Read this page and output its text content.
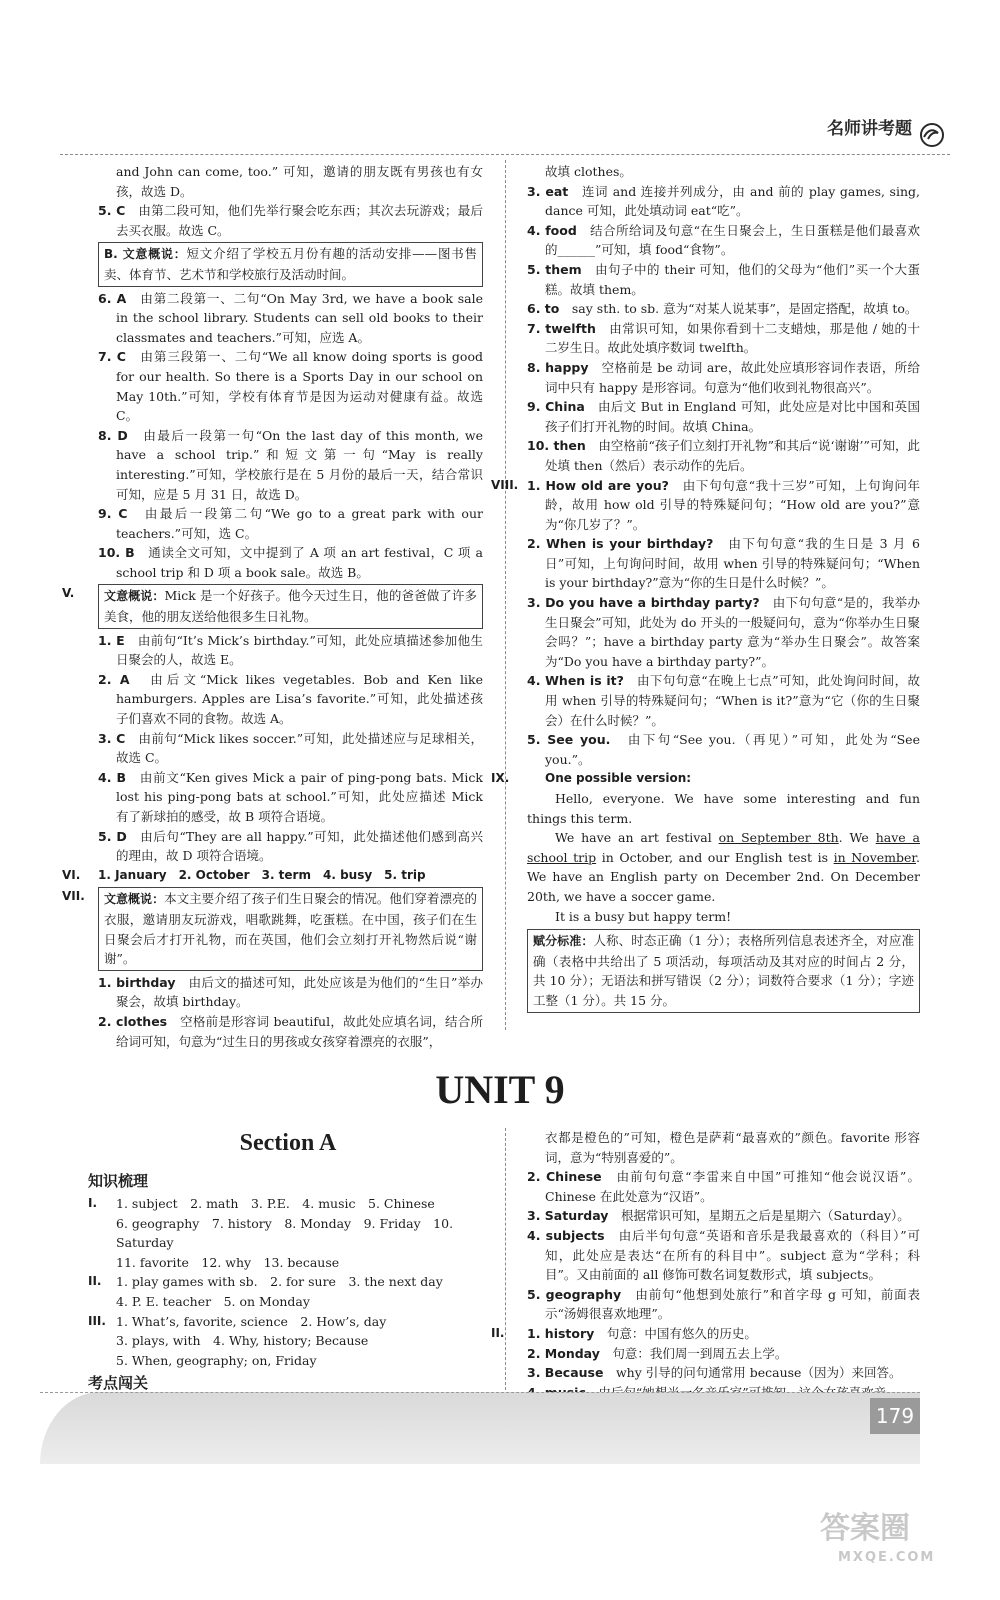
名师讲考题

and John can come, too.” 可知，邀请的朋友既有男孩也有女孩，故选 D。

5. C　 由第二段可知，他们先举行聚会吃东西；其次去玩游戏；最后去买衣服。故选 C。

B. 文意概说：短文介绍了学校五月份有趣的活动安排——图书售卖、体育节、艺术节和学校旅行及活动时间。

6. A　 由第二段第一、二句“On May 3rd, we have a book sale in the school library. Students can sell old books to their classmates and teachers.”可知，应选 A。

7. C　 由第三段第一、二句“We all know doing sports is good for our health. So there is a Sports Day in our school on May 10th.”可知，学校有体育节是因为运动对健康有益。故选 C。

8. D　 由最后一段第一句“On the last day of this month, we have a school trip.”和短文第一句“May is really interesting.”可知，学校旅行是在 5 月份的最后一天，结合常识可知，应是 5 月 31 日，故选 D。

9. C　 由最后一段第二句“We go to a great park with our teachers.”可知，选 C。

10. B　 通读全文可知，文中提到了 A 项 an art festival，C 项 a school trip 和 D 项 a book sale。故选 B。

V.	文意概说：Mick 是一个好孩子。他今天过生日，他的爸爸做了许多美食，他的朋友送给他很多生日礼物。

1. E　 由前句“It’s Mick’s birthday.”可知，此处应填描述参加他生日聚会的人，故选 E。

2. A　 由后文“Mick likes vegetables. Bob and Ken like hamburgers. Apples are Lisa’s favorite.”可知，此处描述孩子们喜欢不同的食物。故选 A。

3. C　 由前句“Mick likes soccer.”可知，此处描述应与足球相关，故选 C。

4. B　 由前文“Ken gives Mick a pair of ping-pong bats. Mick lost his ping-pong bats at school.”可知，此处应描述 Mick 有了新球拍的感受，故 B 项符合语境。

5. D　 由后句“They are all happy.”可知，此处描述他们感到高兴的理由，故 D 项符合语境。

VI. 1. January　2. October　3. term　4. busy　5. trip

VII.	文意概说：本文主要介绍了孩子们生日聚会的情况。他们穿着漂亮的衣服，邀请朋友玩游戏，唱歌跳舞，吃蛋糕。在中国，孩子们在生日聚会后才打开礼物，而在英国，他们会立刻打开礼物然后说“谢谢”。

1. birthday　 由后文的描述可知，此处应该是为他们的“生日”举办聚会，故填 birthday。

2. clothes　 空格前是形容词 beautiful，故此处应填名词，结合所给词可知，句意为“过生日的男孩或女孩穿着漂亮的衣服”，

故填 clothes。

3. eat　 连词 and 连接并列成分，由 and 前的 play games, sing, dance 可知，此处填动词 eat“吃”。

4. food　 结合所给词及句意“在生日聚会上，生日蛋糕是他们最喜欢的______”可知，填 food“食物”。

5. them　 由句子中的 their 可知，他们的父母为“他们”买一个大蛋糕。故填 them。

6. to　 say sth. to sb. 意为“对某人说某事”，是固定搭配，故填 to。

7. twelfth　 由常识可知，如果你看到十二支蜡烛，那是他 / 她的十二岁生日。故此处填序数词 twelfth。

8. happy　 空格前是 be 动词 are，故此处应填形容词作表语，所给词中只有 happy 是形容词。句意为“他们收到礼物很高兴”。

9. China　 由后文 But in England 可知，此处应是对比中国和英国孩子们打开礼物的时间。故填 China。

10. then　 由空格前“孩子们立刻打开礼物”和其后“说‘谢谢’”可知，此处填 then（然后）表示动作的先后。

VIII. 1. How old are you?　 由下句句意“我十三岁”可知，上句询问年龄，故用 how old 引导的特殊疑问句；“How old are you?”意为“你几岁了？”。

2. When is your birthday?　 由下句句意“我的生日是 3 月 6 日”可知，上句询问时间，故用 when 引导的特殊疑问句；“When is your birthday?”意为“你的生日是什么时候？”。

3. Do you have a birthday party?　 由下句句意“是的，我举办生日聚会”可知，此处为 do 开头的一般疑问句，意为“你举办生日聚会吗？”；have a birthday party 意为“举办生日聚会”。故答案为“Do you have a birthday party?”。

4. When is it?　 由下句句意“在晚上七点”可知，此处询问时间，故用 when 引导的特殊疑问句；“When is it?”意为“它（你的生日聚会）在什么时候？”。

5. See you.　 由下句“See you.（再见）”可知，此处为“See you.”。

IX.	One possible version:

Hello, everyone. We have some interesting and fun things this term.

We have an art festival on September 8th. We have a school trip in October, and our English test is in November. We have an English party on December 2nd. On December 20th, we have a soccer game.

It is a busy but happy term!

赋分标准：人称、时态正确（1 分）；表格所列信息表述齐全，对应准确（表格中共给出了 5 项活动，每项活动及其对应的时间占 2 分，共 10 分）；无语法和拼写错误（2 分）；词数符合要求（1 分）；字迹工整（1 分）。共 15 分。
UNIT 9
Section A
知识梳理
I. 1. subject　2. math　3. P.E.　4. music　5. Chinese
6. geography　7. history　8. Monday　9. Friday　10. Saturday
11. favorite　12. why　13. because
II. 1. play games with sb.　2. for sure　3. the next day
4. P. E. teacher　5. on Monday
III. 1. What’s, favorite, science　2. How’s, day
3. plays, with　4. Why, history; Because
5. When, geography; on, Friday
考点闯关

衣都是橙色的”可知，橙色是萨莉“最喜欢的”颜色。favorite 形容词，意为“特别喜爱的”。

2. Chinese　 由前句句意“李雷来自中国”可推知“他会说汉语”。Chinese 在此处意为“汉语”。

3. Saturday　 根据常识可知，星期五之后是星期六（Saturday）。

4. subjects　 由后半句句意“英语和音乐是我最喜欢的（科目）”可知，此处应是表达“在所有的科目中”。subject 意为“学科；科目”。又由前面的 all 修饰可数名词复数形式，填 subjects。

5. geography　 由前句“他想到处旅行”和首字母 g 可知，前面表示“汤姆很喜欢地理”。

II. 1. history　 句意：中国有悠久的历史。

2. Monday　 句意：我们周一到周五去上学。

3. Because　 why 引导的问句通常用 because（因为）来回答。

179
答案圈
MXQE.COM
